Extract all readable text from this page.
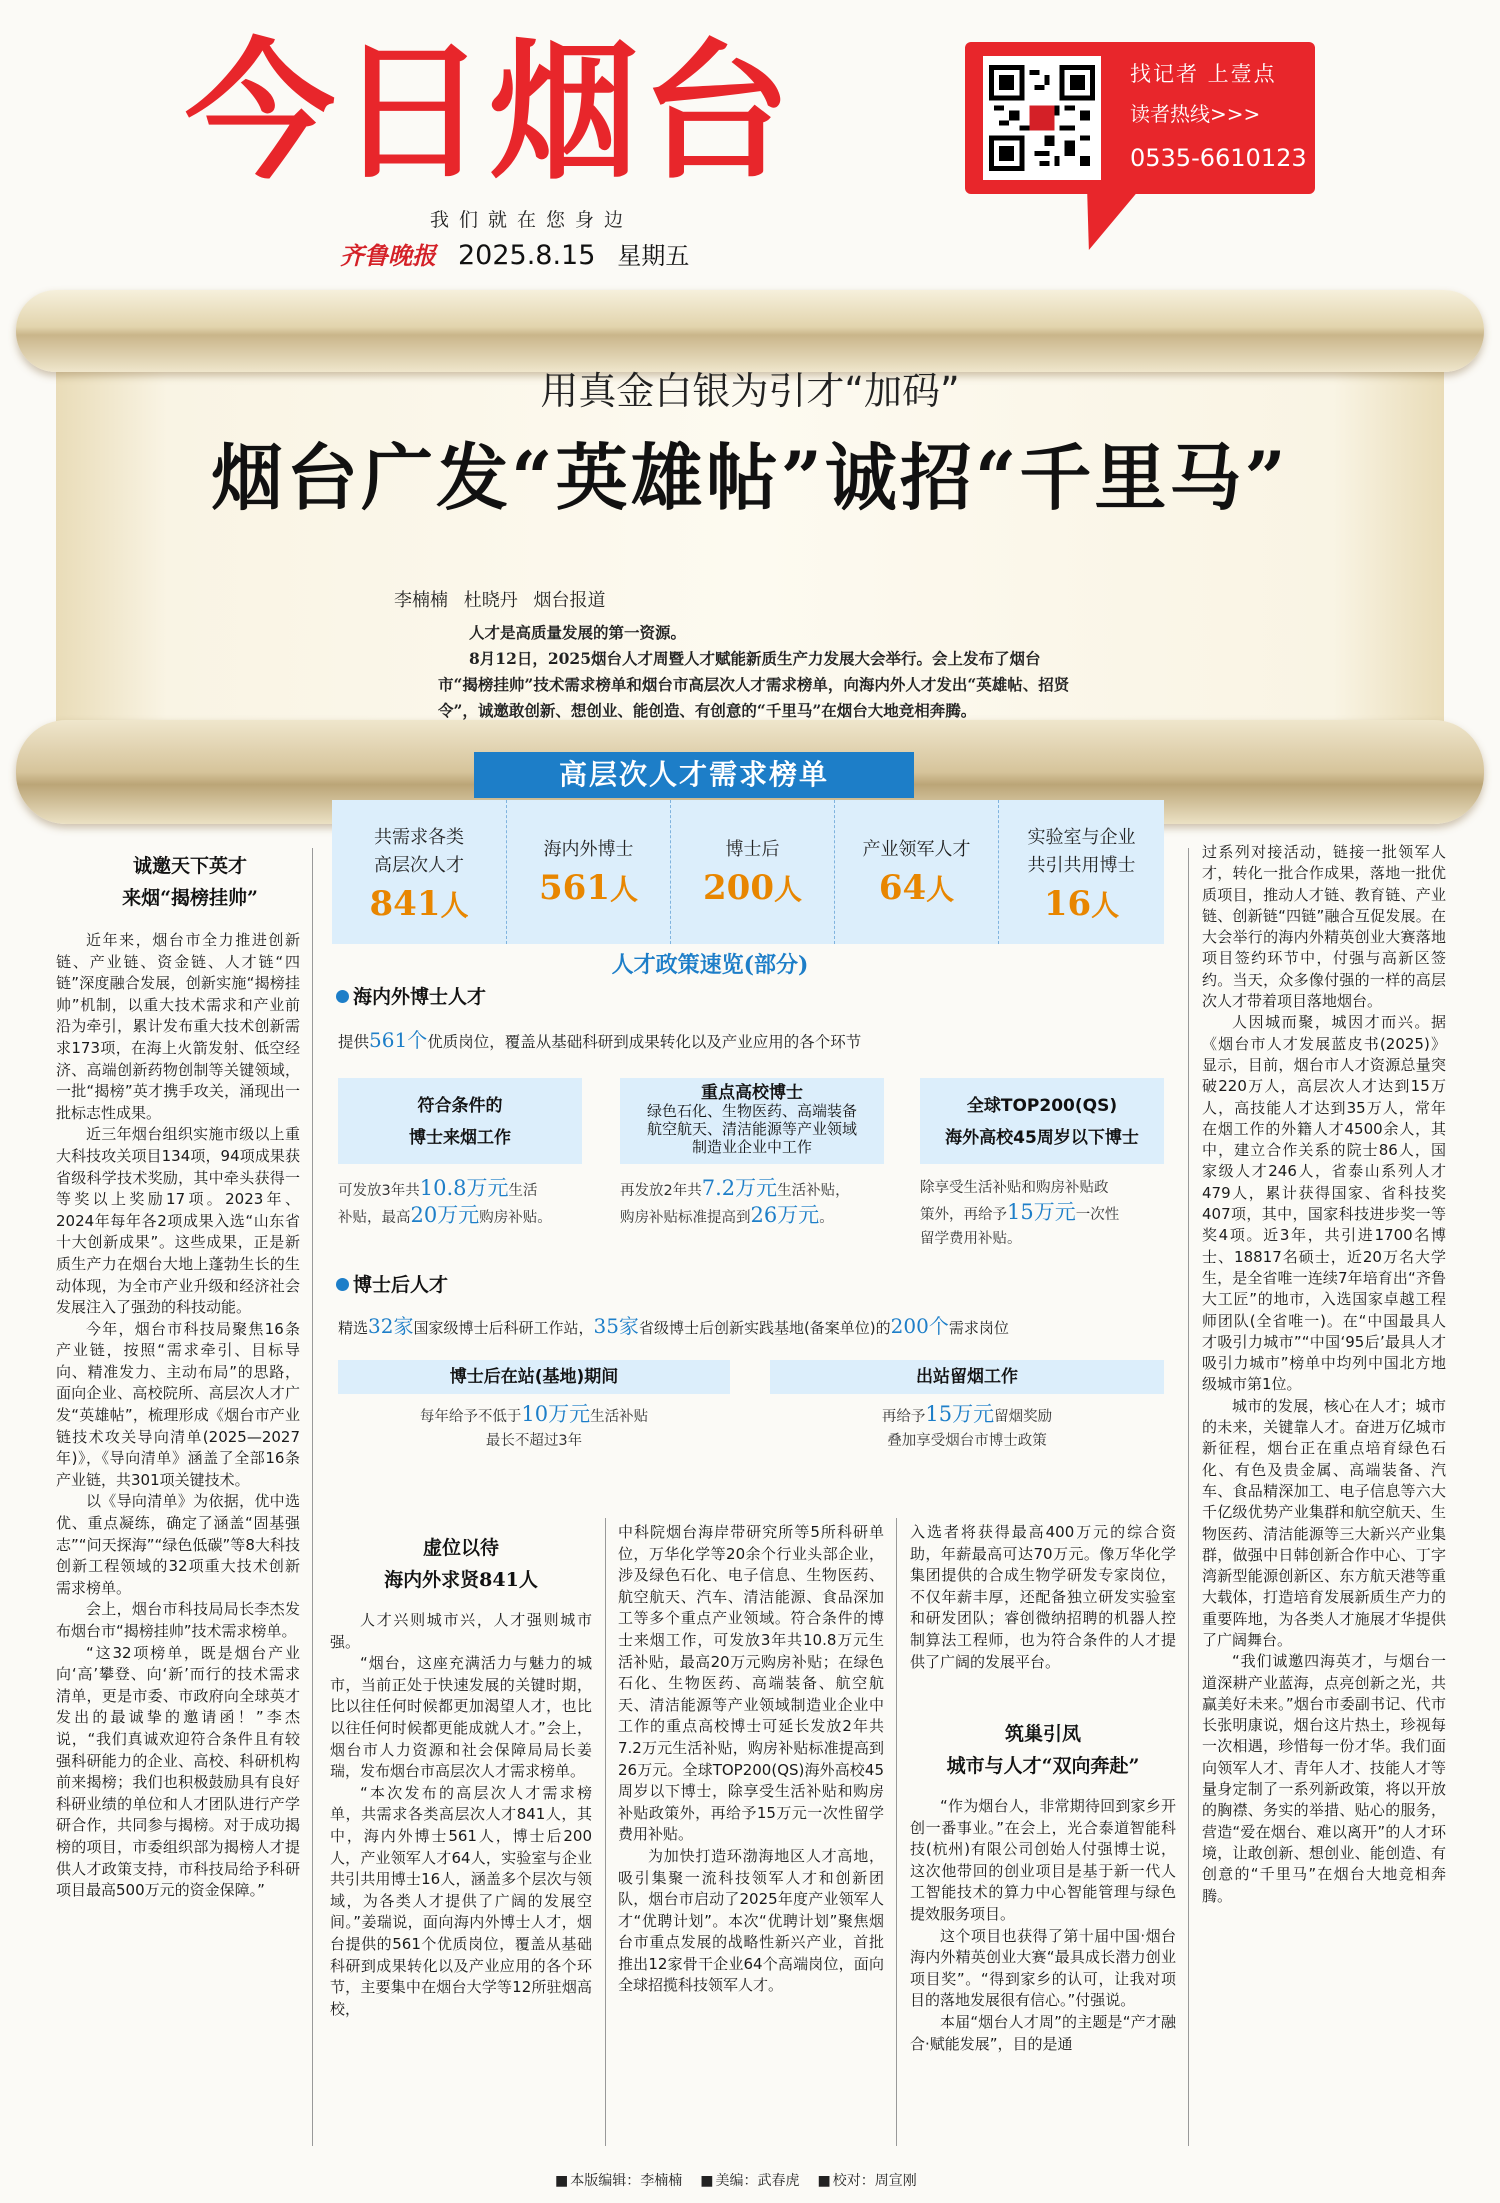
今日烟台
我们就在您身边
齐鲁晚报 2025.8.15 星期五
找记者 上壹点
读者热线>>>
0535-6610123
用真金白银为引才“加码”
烟台广发“英雄帖”诚招“千里马”
李楠楠 杜晓丹 烟台报道

人才是高质量发展的第一资源。

8月12日，2025烟台人才周暨人才赋能新质生产力发展大会举行。会上发布了烟台市“揭榜挂帅”技术需求榜单和烟台市高层次人才需求榜单，向海内外人才发出“英雄帖、招贤令”，诚邀敢创新、想创业、能创造、有创意的“千里马”在烟台大地竞相奔腾。

高层次人才需求榜单
共需求各类
高层次人才
841人
海内外博士
561人
博士后
200人
产业领军人才
64人
实验室与企业
共引共用博士
16人
人才政策速览(部分)
海内外博士人才
提供561个优质岗位，覆盖从基础科研到成果转化以及产业应用的各个环节
符合条件的
博士来烟工作
重点高校博士
绿色石化、生物医药、高端装备
航空航天、清洁能源等产业领域
制造业企业中工作
全球TOP200(QS)
海外高校45周岁以下博士
可发放3年共10.8万元生活
补贴，最高20万元购房补贴。
再发放2年共7.2万元生活补贴，
购房补贴标准提高到26万元。
除享受生活补贴和购房补贴政
策外，再给予15万元一次性
留学费用补贴。
博士后人才
精选32家国家级博士后科研工作站，35家省级博士后创新实践基地(备案单位)的200个需求岗位
博士后在站(基地)期间	出站留烟工作
每年给予不低于10万元生活补贴
最长不超过3年
再给予15万元留烟奖励
叠加享受烟台市博士政策
诚邀天下英才
来烟“揭榜挂帅”

近年来，烟台市全力推进创新链、产业链、资金链、人才链“四链”深度融合发展，创新实施“揭榜挂帅”机制，以重大技术需求和产业前沿为牵引，累计发布重大技术创新需求173项，在海上火箭发射、低空经济、高端创新药物创制等关键领域，一批“揭榜”英才携手攻关，涌现出一批标志性成果。

近三年烟台组织实施市级以上重大科技攻关项目134项，94项成果获省级科学技术奖励，其中牵头获得一等奖以上奖励17项。2023年、2024年每年各2项成果入选“山东省十大创新成果”。这些成果，正是新质生产力在烟台大地上蓬勃生长的生动体现，为全市产业升级和经济社会发展注入了强劲的科技动能。

今年，烟台市科技局聚焦16条产业链，按照“需求牵引、目标导向、精准发力、主动布局”的思路，面向企业、高校院所、高层次人才广发“英雄帖”，梳理形成《烟台市产业链技术攻关导向清单(2025—2027年)》，《导向清单》涵盖了全部16条产业链，共301项关键技术。

以《导向清单》为依据，优中选优、重点凝练，确定了涵盖“固基强志”“问天探海”“绿色低碳”等8大科技创新工程领域的32项重大技术创新需求榜单。

会上，烟台市科技局局长李杰发布烟台市“揭榜挂帅”技术需求榜单。

“这32项榜单，既是烟台产业向‘高’攀登、向‘新’而行的技术需求清单，更是市委、市政府向全球英才发出的最诚挚的邀请函！”李杰说，“我们真诚欢迎符合条件且有较强科研能力的企业、高校、科研机构前来揭榜；我们也积极鼓励具有良好科研业绩的单位和人才团队进行产学研合作，共同参与揭榜。对于成功揭榜的项目，市委组织部为揭榜人才提供人才政策支持，市科技局给予科研项目最高500万元的资金保障。”

虚位以待
海内外求贤841人

人才兴则城市兴，人才强则城市强。

“烟台，这座充满活力与魅力的城市，当前正处于快速发展的关键时期，比以往任何时候都更加渴望人才，也比以往任何时候都更能成就人才。”会上，烟台市人力资源和社会保障局局长姜瑞，发布烟台市高层次人才需求榜单。

“本次发布的高层次人才需求榜单，共需求各类高层次人才841人，其中，海内外博士561人，博士后200人，产业领军人才64人，实验室与企业共引共用博士16人，涵盖多个层次与领域，为各类人才提供了广阔的发展空间。”姜瑞说，面向海内外博士人才，烟台提供的561个优质岗位，覆盖从基础科研到成果转化以及产业应用的各个环节，主要集中在烟台大学等12所驻烟高校，

中科院烟台海岸带研究所等5所科研单位，万华化学等20余个行业头部企业，涉及绿色石化、电子信息、生物医药、航空航天、汽车、清洁能源、食品深加工等多个重点产业领域。符合条件的博士来烟工作，可发放3年共10.8万元生活补贴，最高20万元购房补贴；在绿色石化、生物医药、高端装备、航空航天、清洁能源等产业领域制造业企业中工作的重点高校博士可延长发放2年共7.2万元生活补贴，购房补贴标准提高到26万元。全球TOP200(QS)海外高校45周岁以下博士，除享受生活补贴和购房补贴政策外，再给予15万元一次性留学费用补贴。

为加快打造环渤海地区人才高地，吸引集聚一流科技领军人才和创新团队，烟台市启动了2025年度产业领军人才“优聘计划”。本次“优聘计划”聚焦烟台市重点发展的战略性新兴产业，首批推出12家骨干企业64个高端岗位，面向全球招揽科技领军人才。

入选者将获得最高400万元的综合资助，年薪最高可达70万元。像万华化学集团提供的合成生物学研发专家岗位，不仅年薪丰厚，还配备独立研发实验室和研发团队；睿创微纳招聘的机器人控制算法工程师，也为符合条件的人才提供了广阔的发展平台。

筑巢引凤
城市与人才“双向奔赴”

“作为烟台人，非常期待回到家乡开创一番事业。”在会上，光合泰道智能科技(杭州)有限公司创始人付强博士说，这次他带回的创业项目是基于新一代人工智能技术的算力中心智能管理与绿色提效服务项目。

这个项目也获得了第十届中国·烟台海内外精英创业大赛“最具成长潜力创业项目奖”。“得到家乡的认可，让我对项目的落地发展很有信心。”付强说。

本届“烟台人才周”的主题是“产才融合·赋能发展”，目的是通

过系列对接活动，链接一批领军人才，转化一批合作成果，落地一批优质项目，推动人才链、教育链、产业链、创新链“四链”融合互促发展。在大会举行的海内外精英创业大赛落地项目签约环节中，付强与高新区签约。当天，众多像付强的一样的高层次人才带着项目落地烟台。

人因城而聚，城因才而兴。据《烟台市人才发展蓝皮书(2025)》显示，目前，烟台市人才资源总量突破220万人，高层次人才达到15万人，高技能人才达到35万人，常年在烟工作的外籍人才4500余人，其中，建立合作关系的院士86人，国家级人才246人，省泰山系列人才479人，累计获得国家、省科技奖407项，其中，国家科技进步奖一等奖4项。近3年，共引进1700名博士、18817名硕士，近20万名大学生，是全省唯一连续7年培育出“齐鲁大工匠”的地市，入选国家卓越工程师团队(全省唯一)。在“中国最具人才吸引力城市”“中国‘95后’最具人才吸引力城市”榜单中均列中国北方地级城市第1位。

城市的发展，核心在人才；城市的未来，关键靠人才。奋进万亿城市新征程，烟台正在重点培育绿色石化、有色及贵金属、高端装备、汽车、食品精深加工、电子信息等六大千亿级优势产业集群和航空航天、生物医药、清洁能源等三大新兴产业集群，做强中日韩创新合作中心、丁字湾新型能源创新区、东方航天港等重大载体，打造培育发展新质生产力的重要阵地，为各类人才施展才华提供了广阔舞台。

“我们诚邀四海英才，与烟台一道深耕产业蓝海，点亮创新之光，共赢美好未来。”烟台市委副书记、代市长张明康说，烟台这片热土，珍视每一次相遇，珍惜每一份才华。我们面向领军人才、青年人才、技能人才等量身定制了一系列新政策，将以开放的胸襟、务实的举措、贴心的服务，营造“爱在烟台、难以离开”的人才环境，让敢创新、想创业、能创造、有创意的“千里马”在烟台大地竞相奔腾。

■ 本版编辑：李楠楠	■ 美编：武春虎	■ 校对：周宣刚
